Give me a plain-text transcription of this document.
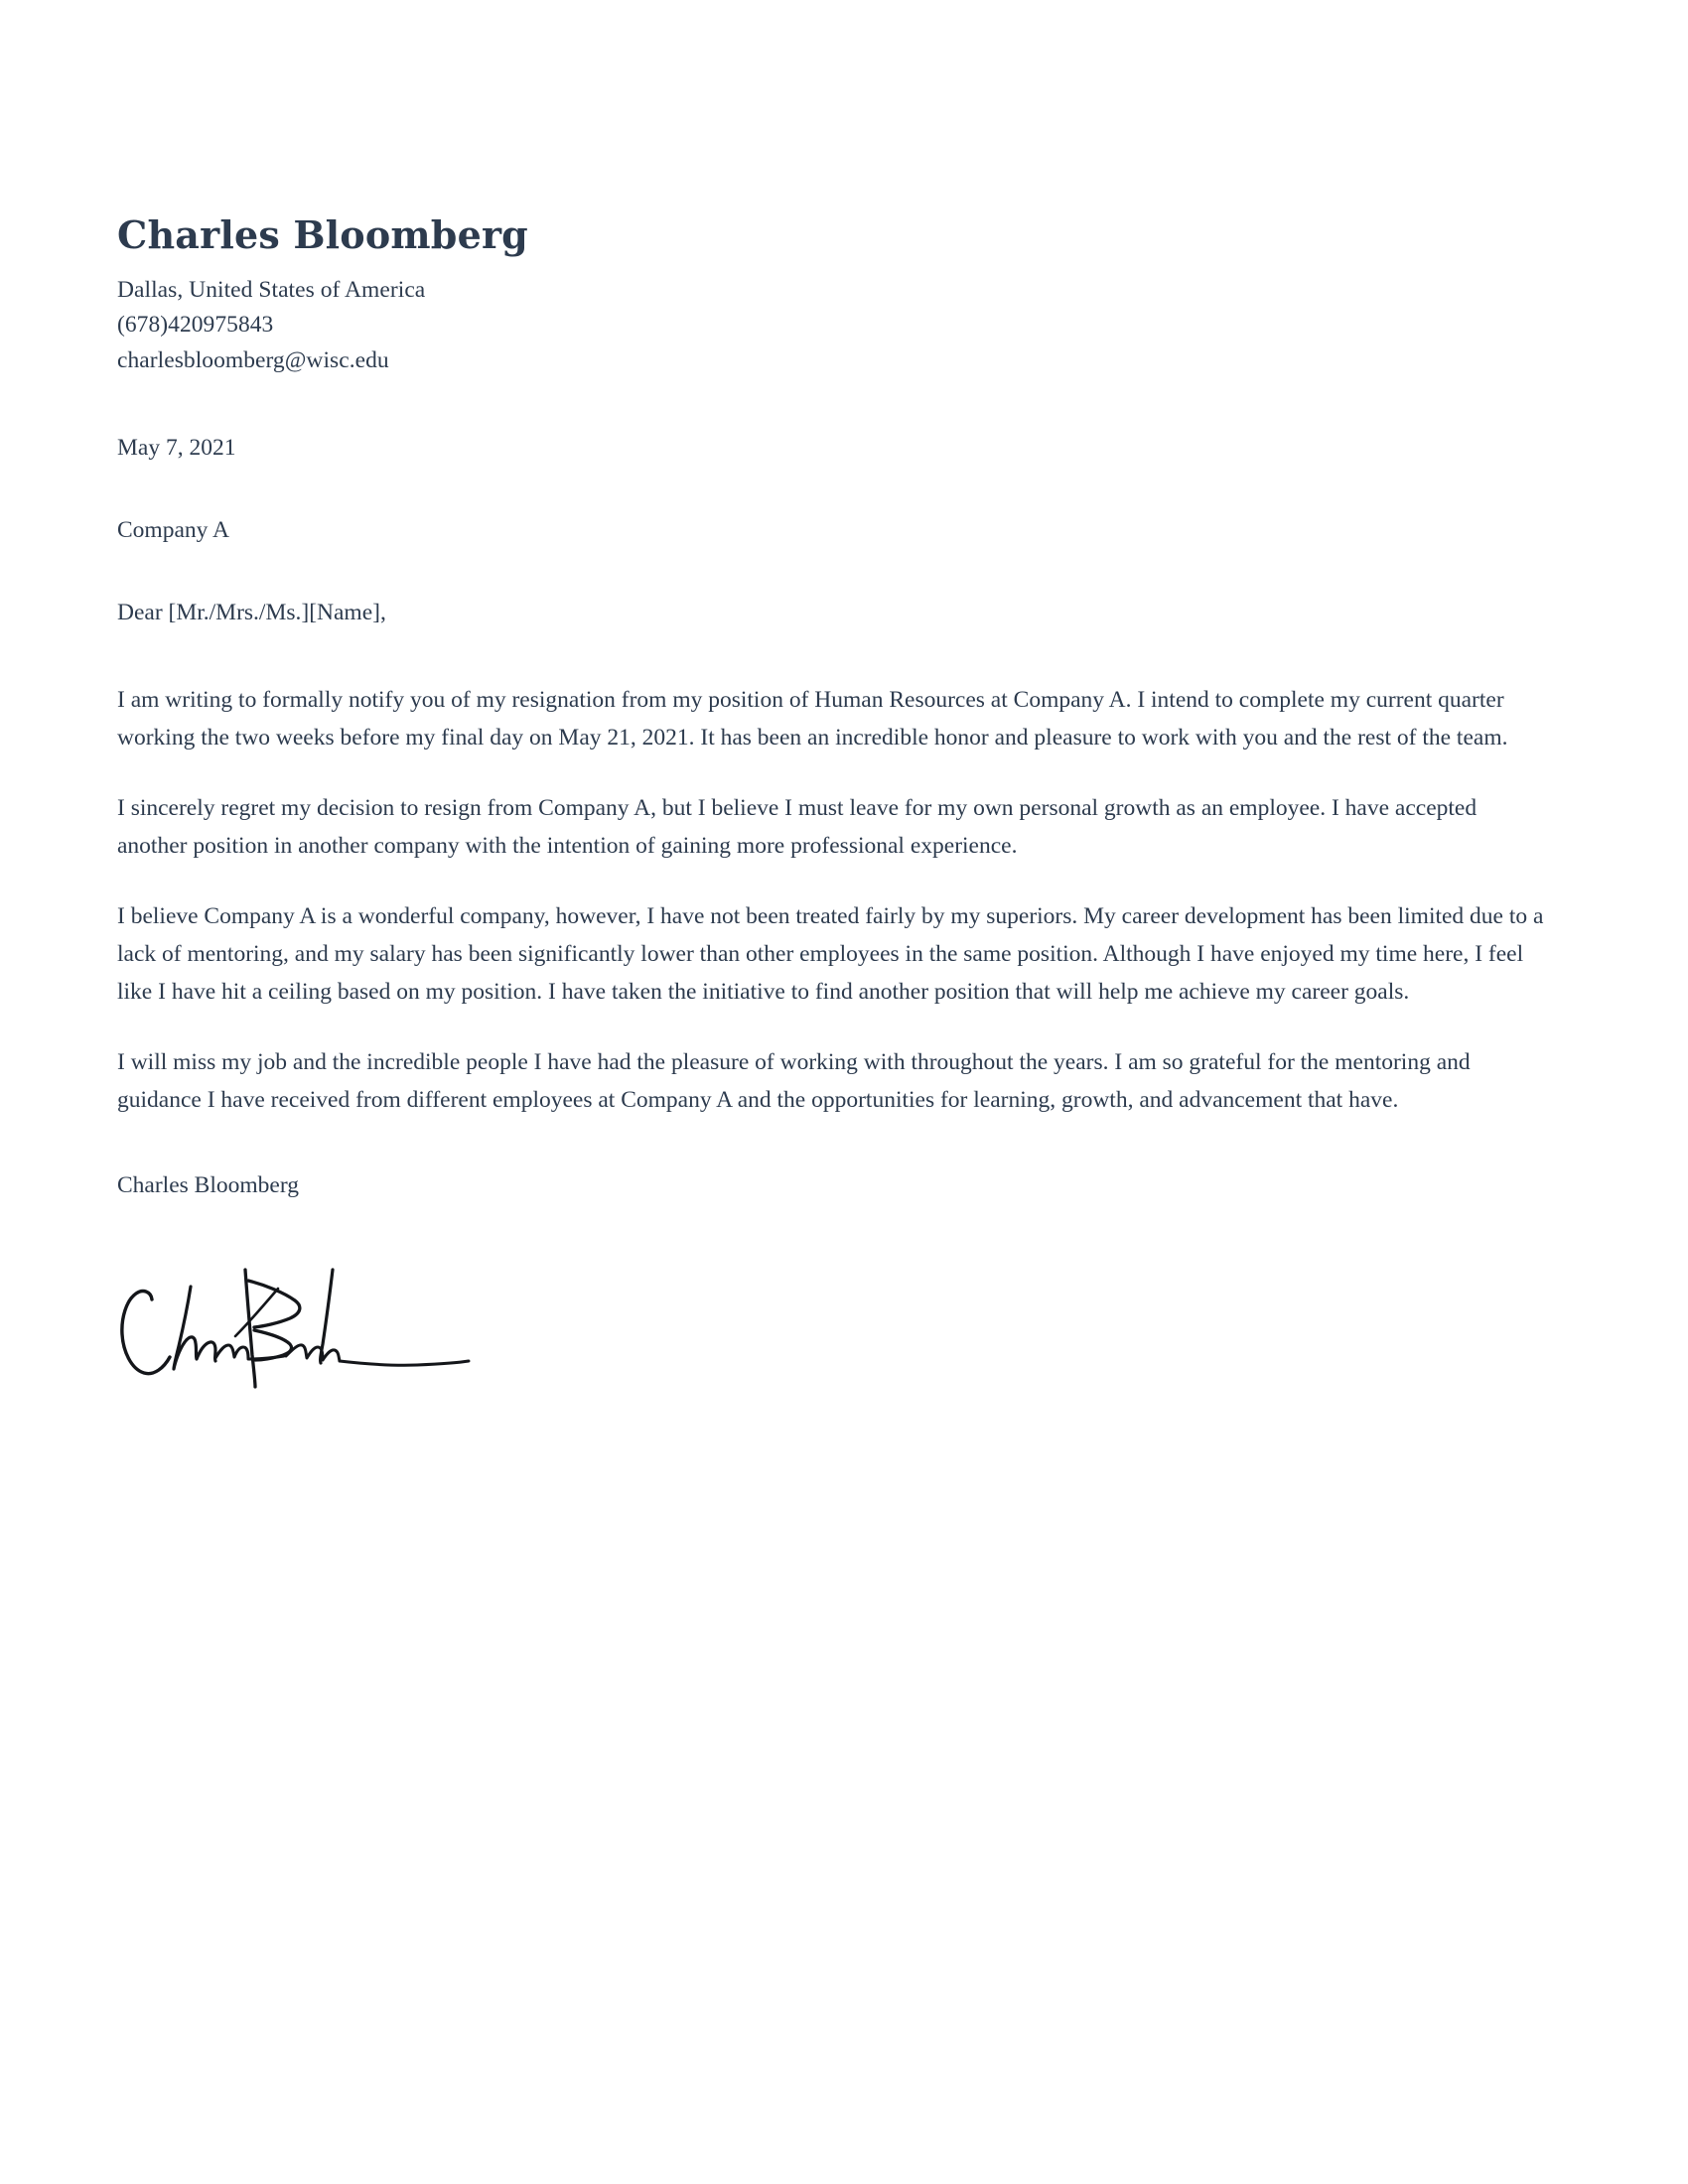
Charles Bloomberg

Dallas, United States of America

(678)420975843

charlesbloomberg@wisc.edu

May 7, 2021

Company A

Dear [Mr./Mrs./Ms.][Name],

I am writing to formally notify you of my resignation from my position of Human Resources at Company A. I intend to complete my current quarter working the two weeks before my final day on May 21, 2021. It has been an incredible honor and pleasure to work with you and the rest of the team.

I sincerely regret my decision to resign from Company A, but I believe I must leave for my own personal growth as an employee. I have accepted another position in another company with the intention of gaining more professional experience.

I believe Company A is a wonderful company, however, I have not been treated fairly by my superiors. My career development has been limited due to a lack of mentoring, and my salary has been significantly lower than other employees in the same position. Although I have enjoyed my time here, I feel like I have hit a ceiling based on my position. I have taken the initiative to find another position that will help me achieve my career goals.

I will miss my job and the incredible people I have had the pleasure of working with throughout the years. I am so grateful for the mentoring and guidance I have received from different employees at Company A and the opportunities for learning, growth, and advancement that have.

Charles Bloomberg
